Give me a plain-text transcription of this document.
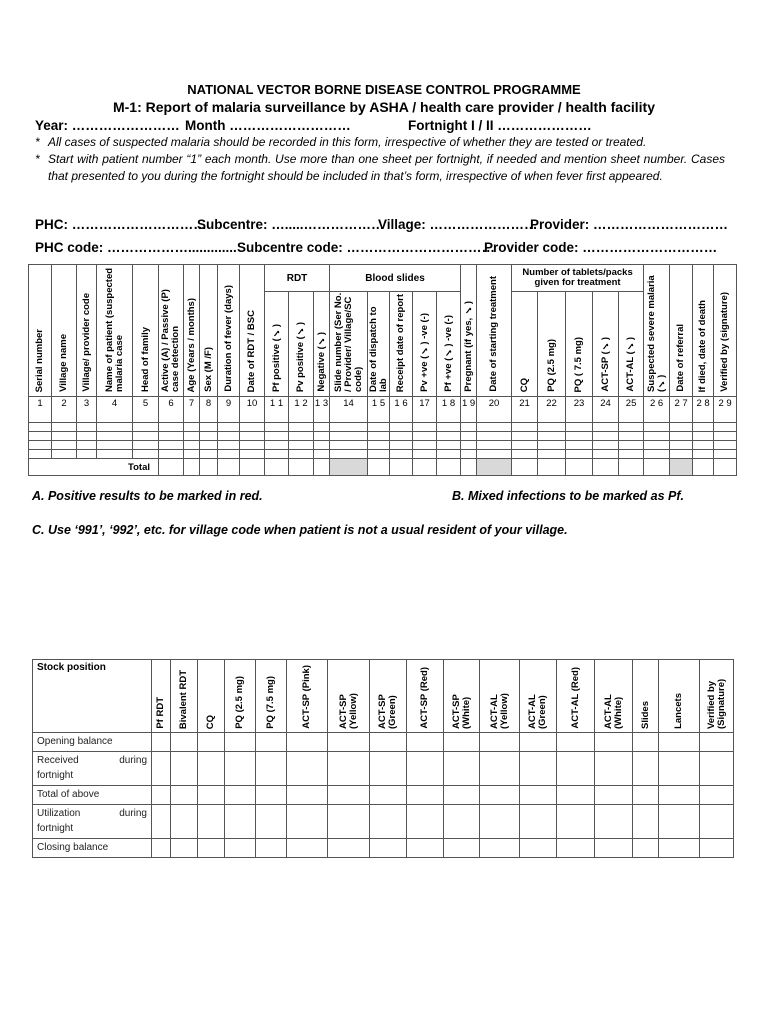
NATIONAL VECTOR BORNE DISEASE CONTROL PROGRAMME
M-1: Report of malaria surveillance by ASHA / health care provider / health facility
Year: …………………… Month ………………………	Fortnight I / II …………………
* All cases of suspected malaria should be recorded in this form, irrespective of whether they are tested or treated.
* Start with patient number “1” each month. Use more than one sheet per fortnight, if needed and mention sheet number. Cases that presented to you during the fortnight should be included in that’s form, irrespective of when fever first appeared.
PHC: …………………………
Subcentre: ….....………………
Village: ……………………
Provider: …………………………
PHC code: ………………............. Subcentre code: ……………………………
Provider code: …………………………
Serial number	Village name	Village/ provider code	Name of patient (suspected malaria case	Head of family	Active (A) / Passive (P) case detection	Age (Years / months)	Sex (M /F)	Duration of fever (days)	Date of RDT / BSC	RDT			Blood slides					Pregnant (if yes, ✓)	Date of starting treatment	Number of tablets/packs given for treatment					Suspected severe malaria (✓)	Date of referral	If died, date of death	Verified by (signature)

										Pf positive (✓)	Pv positive (✓)	Negative (✓)	Slide number (Ser No. / Provider/ Village/SC code)	Date of dispatch to lab	Receipt date of report	Pv +ve (✓) -ve (-)	Pf +ve (✓) -ve (-)			CQ	PQ (2.5 mg)	PQ ( 7.5 mg)	ACT-SP (✓)	ACT-AL (✓)				

1	2	3	4	5	6	7	8	9	10	1 1	1 2	1 3	14	1 5	1 6	17	1 8	1 9	20	21	22	23	24	25	2 6	2 7	2 8	2 9

Total																												
A. Positive results to be marked in red.	B. Mixed infections to be marked as Pf.
C. Use ‘991’, ‘992’, etc. for village code when patient is not a usual resident of your village.
Stock position	Pf RDT	Bivalent RDT	CQ	PQ (2.5 mg)	PQ (7.5 mg)	ACT-SP (Pink)	ACT-SP (Yellow)	ACT-SP (Green)	ACT-SP (Red)	ACT-SP (White)	ACT-AL (Yellow)	ACT-AL (Green)	ACT-AL (Red)	ACT-AL (White)	Slides	Lancets	Verified by (Signature)

Opening balance																	

Received during
fortnight																	

Total of above																	

Utilization during
fortnight																	

Closing balance																	
